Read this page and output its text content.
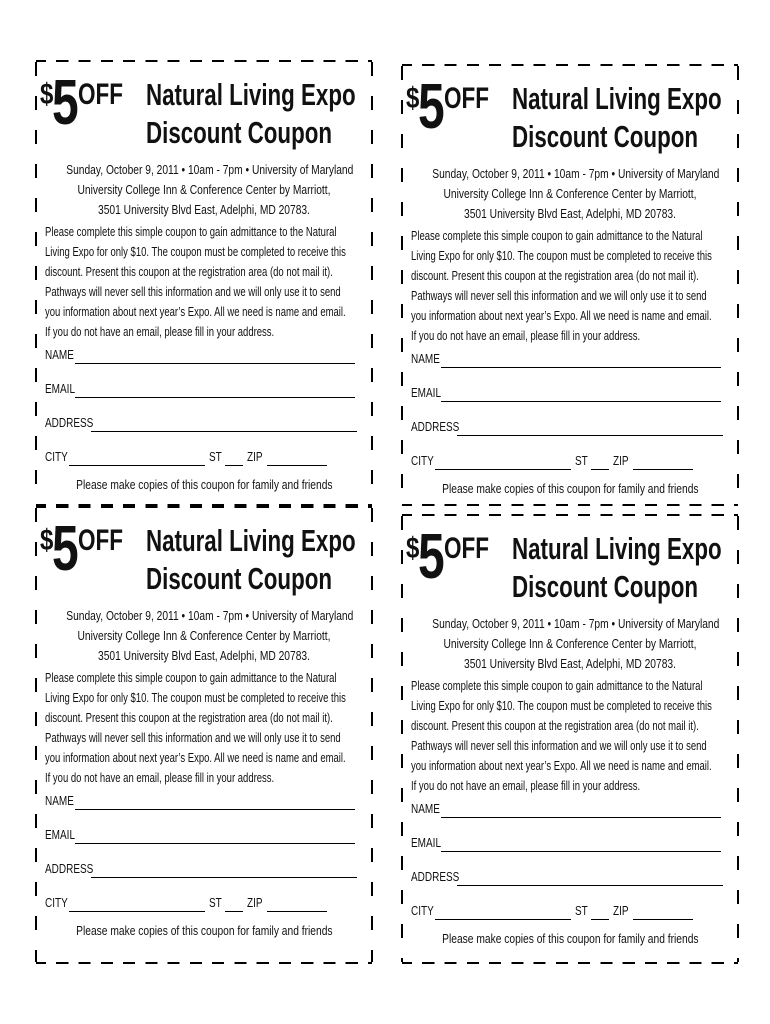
$
5 OFF Natural Living Expo
Discount Coupon
Sunday, October 9, 2011 • 10am - 7pm • University of Maryland
University College Inn & Conference Center by Marriott,
3501 University Blvd East, Adelphi, MD 20783.
Please complete this simple coupon to gain admittance to the Natural
Living Expo for only $10. The coupon must be completed to receive this
discount. Present this coupon at the registration area (do not mail it).
Pathways will never sell this information and we will only use it to send
you information about next year’s Expo. All we need is name and email.
If you do not have an email, please fill in your address.
NAME
EMAIL
ADDRESS
CITY	ST ZIP
Please make copies of this coupon for family and friends
$
5 OFF Natural Living Expo
Discount Coupon
Sunday, October 9, 2011 • 10am - 7pm • University of Maryland
University College Inn & Conference Center by Marriott,
3501 University Blvd East, Adelphi, MD 20783.
Please complete this simple coupon to gain admittance to the Natural
Living Expo for only $10. The coupon must be completed to receive this
discount. Present this coupon at the registration area (do not mail it).
Pathways will never sell this information and we will only use it to send
you information about next year’s Expo. All we need is name and email.
If you do not have an email, please fill in your address.
NAME
EMAIL
ADDRESS
CITY	ST ZIP
Please make copies of this coupon for family and friends
$
5 OFF Natural Living Expo
Discount Coupon
Sunday, October 9, 2011 • 10am - 7pm • University of Maryland
University College Inn & Conference Center by Marriott,
3501 University Blvd East, Adelphi, MD 20783.
Please complete this simple coupon to gain admittance to the Natural
Living Expo for only $10. The coupon must be completed to receive this
discount. Present this coupon at the registration area (do not mail it).
Pathways will never sell this information and we will only use it to send
you information about next year’s Expo. All we need is name and email.
If you do not have an email, please fill in your address.
NAME
EMAIL
ADDRESS
CITY	ST ZIP
Please make copies of this coupon for family and friends
$
5 OFF Natural Living Expo
Discount Coupon
Sunday, October 9, 2011 • 10am - 7pm • University of Maryland
University College Inn & Conference Center by Marriott,
3501 University Blvd East, Adelphi, MD 20783.
Please complete this simple coupon to gain admittance to the Natural
Living Expo for only $10. The coupon must be completed to receive this
discount. Present this coupon at the registration area (do not mail it).
Pathways will never sell this information and we will only use it to send
you information about next year’s Expo. All we need is name and email.
If you do not have an email, please fill in your address.
NAME
EMAIL
ADDRESS
CITY	ST ZIP
Please make copies of this coupon for family and friends
